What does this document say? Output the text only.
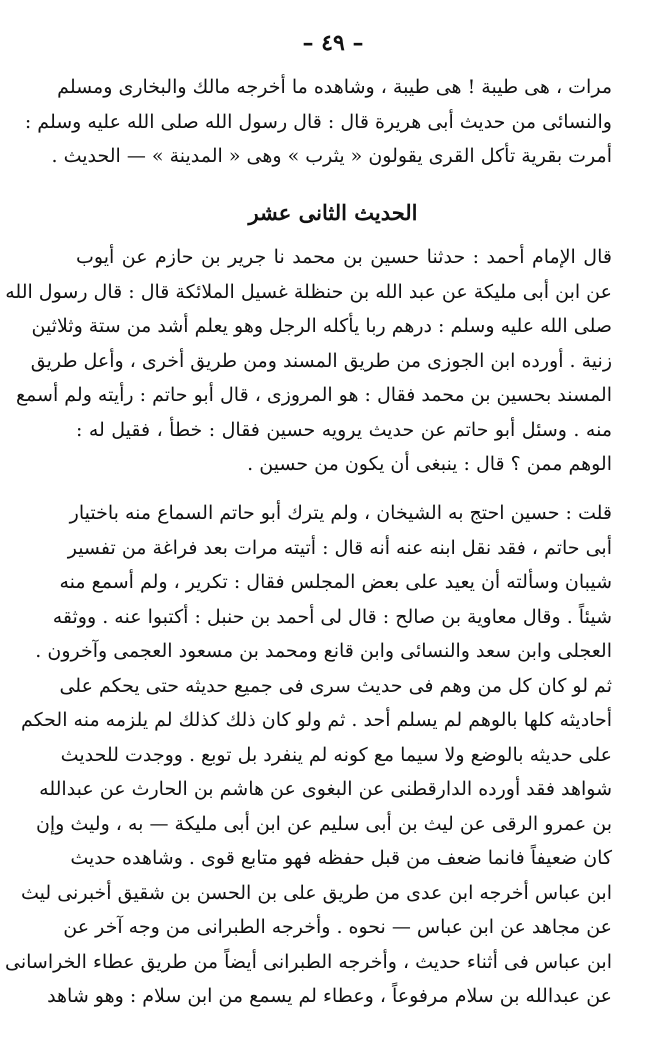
– ٤٩ –
مرات ، هى طيبة ! هى طيبة ، وشاهده ما أخرجه مالك والبخارى ومسلم
والنسائى من حديث أبى هريرة قال : قال رسول الله صلى الله عليه وسلم :
أمرت بقرية تأكل القرى يقولون « يثرب » وهى « المدينة » — الحديث .
الحديث الثانى عشر
قال الإمام أحمد : حدثنا حسين بن محمد نا جرير بن حازم عن أيوب
عن ابن أبى مليكة عن عبد الله بن حنظلة غسيل الملائكة قال : قال رسول الله
صلى الله عليه وسلم : درهم ربا يأكله الرجل وهو يعلم أشد من ستة وثلاثين
زنية . أورده ابن الجوزى من طريق المسند ومن طريق أخرى ، وأعل طريق
المسند بحسين بن محمد فقال : هو المروزى ، قال أبو حاتم : رأيته ولم أسمع
منه . وسئل أبو حاتم عن حديث يرويه حسين فقال : خطأ ، فقيل له :
الوهم ممن ؟ قال : ينبغى أن يكون من حسين .
قلت : حسين احتج به الشيخان ، ولم يترك أبو حاتم السماع منه باختيار
أبى حاتم ، فقد نقل ابنه عنه أنه قال : أتيته مرات بعد فراغة من تفسير
شيبان وسألته أن يعيد على بعض المجلس فقال : تكرير ، ولم أسمع منه
شيئاً . وقال معاوية بن صالح : قال لى أحمد بن حنبل : أكتبوا عنه . ووثقه
العجلى وابن سعد والنسائى وابن قانع ومحمد بن مسعود العجمى وآخرون .
ثم لو كان كل من وهم فى حديث سرى فى جميع حديثه حتى يحكم على
أحاديثه كلها بالوهم لم يسلم أحد . ثم ولو كان ذلك كذلك لم يلزمه منه الحكم
على حديثه بالوضع ولا سيما مع كونه لم ينفرد بل توبع . ووجدت للحديث
شواهد فقد أورده الدارقطنى عن البغوى عن هاشم بن الحارث عن عبدالله
بن عمرو الرقى عن ليث بن أبى سليم عن ابن أبى مليكة — به ، وليث وإن
كان ضعيفاً فانما ضعف من قبل حفظه فهو متابع قوى . وشاهده حديث
ابن عباس أخرجه ابن عدى من طريق على بن الحسن بن شقيق أخبرنى ليث
عن مجاهد عن ابن عباس — نحوه . وأخرجه الطبرانى من وجه آخر عن
ابن عباس فى أثناء حديث ، وأخرجه الطبرانى أيضاً من طريق عطاء الخراسانى
عن عبدالله بن سلام مرفوعاً ، وعطاء لم يسمع من ابن سلام : وهو شاهد
